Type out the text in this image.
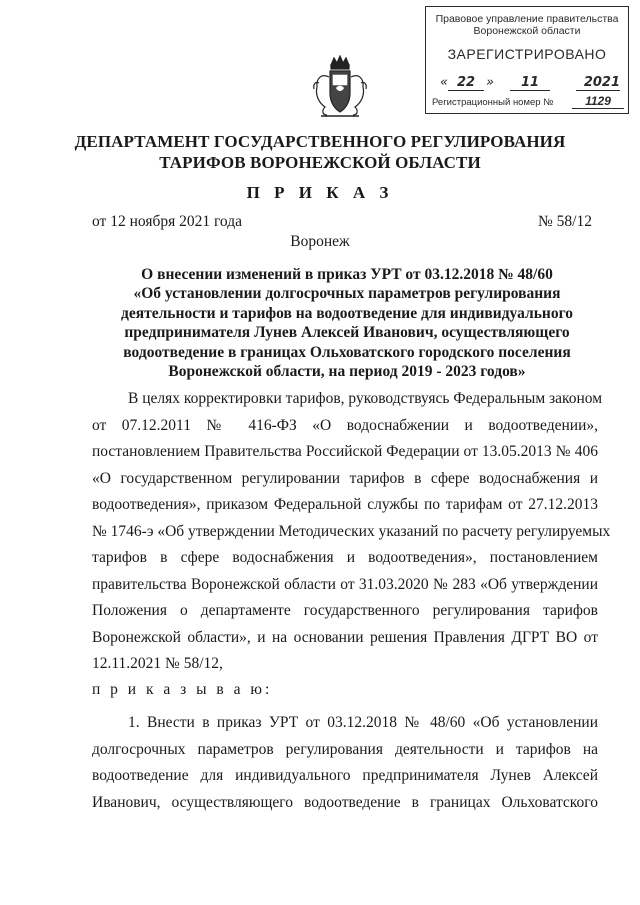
Правовое управление правительства
Воронежской области
ЗАРЕГИСТРИРОВАНО
« 22 »	11	2021
Регистрационный номер №	1129
ДЕПАРТАМЕНТ ГОСУДАРСТВЕННОГО РЕГУЛИРОВАНИЯ
ТАРИФОВ ВОРОНЕЖСКОЙ ОБЛАСТИ
П Р И К А З
от 12 ноября 2021 года	№ 58/12
Воронеж
О внесении изменений в приказ УРТ от 03.12.2018 № 48/60
«Об установлении долгосрочных параметров регулирования
деятельности и тарифов на водоотведение для индивидуального
предпринимателя Лунев Алексей Иванович, осуществляющего
водоотведение в границах Ольховатского городского поселения
Воронежской области, на период 2019 - 2023 годов»
В целях корректировки тарифов, руководствуясь Федеральным законом
от 07.12.2011 № 416-ФЗ «О водоснабжении и водоотведении»,
постановлением Правительства Российской Федерации от 13.05.2013 № 406
«О государственном регулировании тарифов в сфере водоснабжения и
водоотведения», приказом Федеральной службы по тарифам от 27.12.2013
№ 1746-э «Об утверждении Методических указаний по расчету регулируемых
тарифов в сфере водоснабжения и водоотведения», постановлением
правительства Воронежской области от 31.03.2020 № 283 «Об утверждении
Положения о департаменте государственного регулирования тарифов
Воронежской области», и на основании решения Правления ДГРТ ВО от
12.11.2021 № 58/12,
п р и к а з ы в а ю:
1. Внести в приказ УРТ от 03.12.2018 № 48/60 «Об установлении
долгосрочных параметров регулирования деятельности и тарифов на
водоотведение для индивидуального предпринимателя Лунев Алексей
Иванович, осуществляющего водоотведение в границах Ольховатского
